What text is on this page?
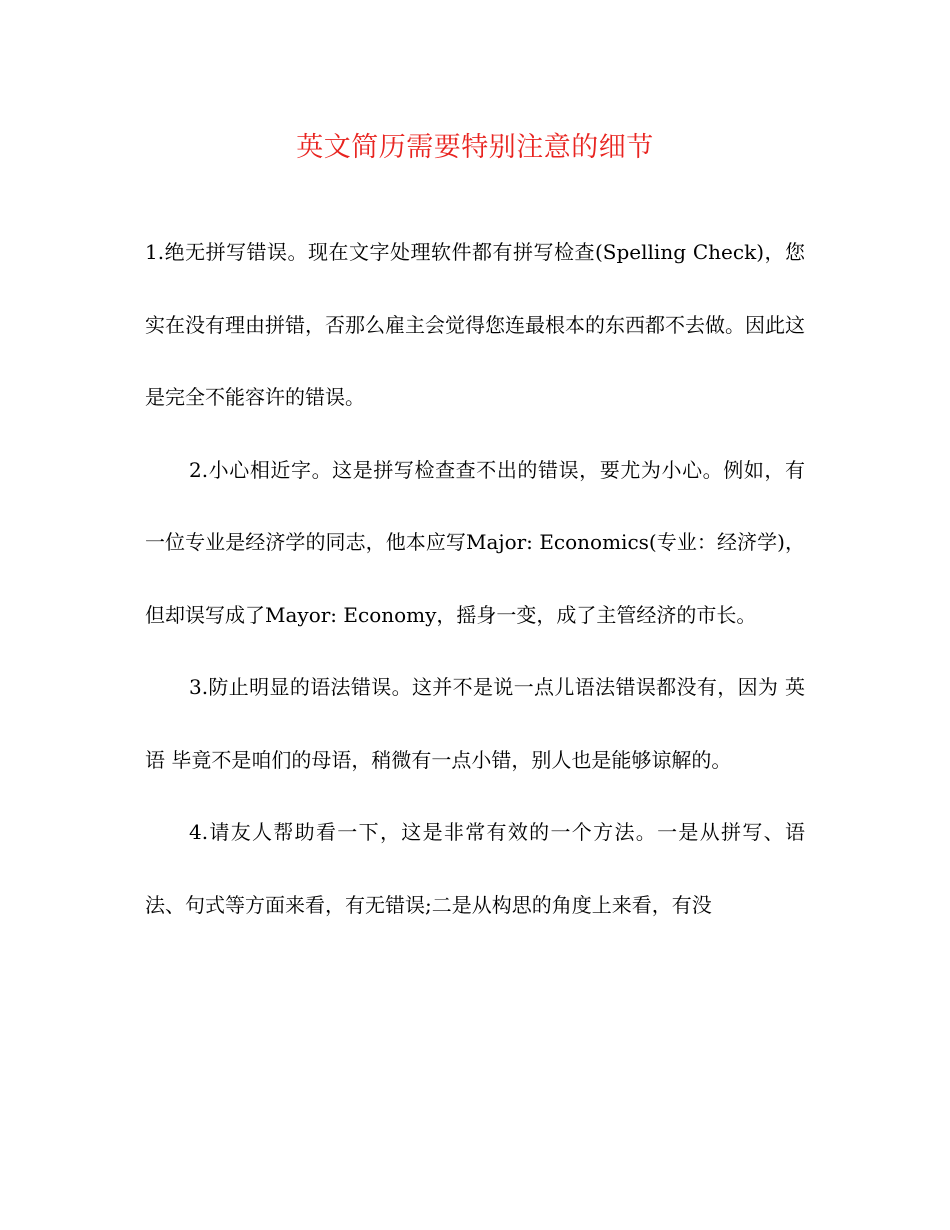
英文简历需要特别注意的细节

1.绝无拼写错误。现在文字处理软件都有拼写检查(Spelling Check)，您实在没有理由拼错，否那么雇主会觉得您连最根本的东西都不去做。因此这是完全不能容许的错误。

2.小心相近字。这是拼写检查查不出的错误，要尤为小心。例如，有一位专业是经济学的同志，他本应写Major: Economics(专业：经济学)，但却误写成了Mayor: Economy，摇身一变，成了主管经济的市长。

3.防止明显的语法错误。这并不是说一点儿语法错误都没有，因为 英语 毕竟不是咱们的母语，稍微有一点小错，别人也是能够谅解的。

4.请友人帮助看一下，这是非常有效的一个方法。一是从拼写、语法、句式等方面来看，有无错误;二是从构思的角度上来看，有没
